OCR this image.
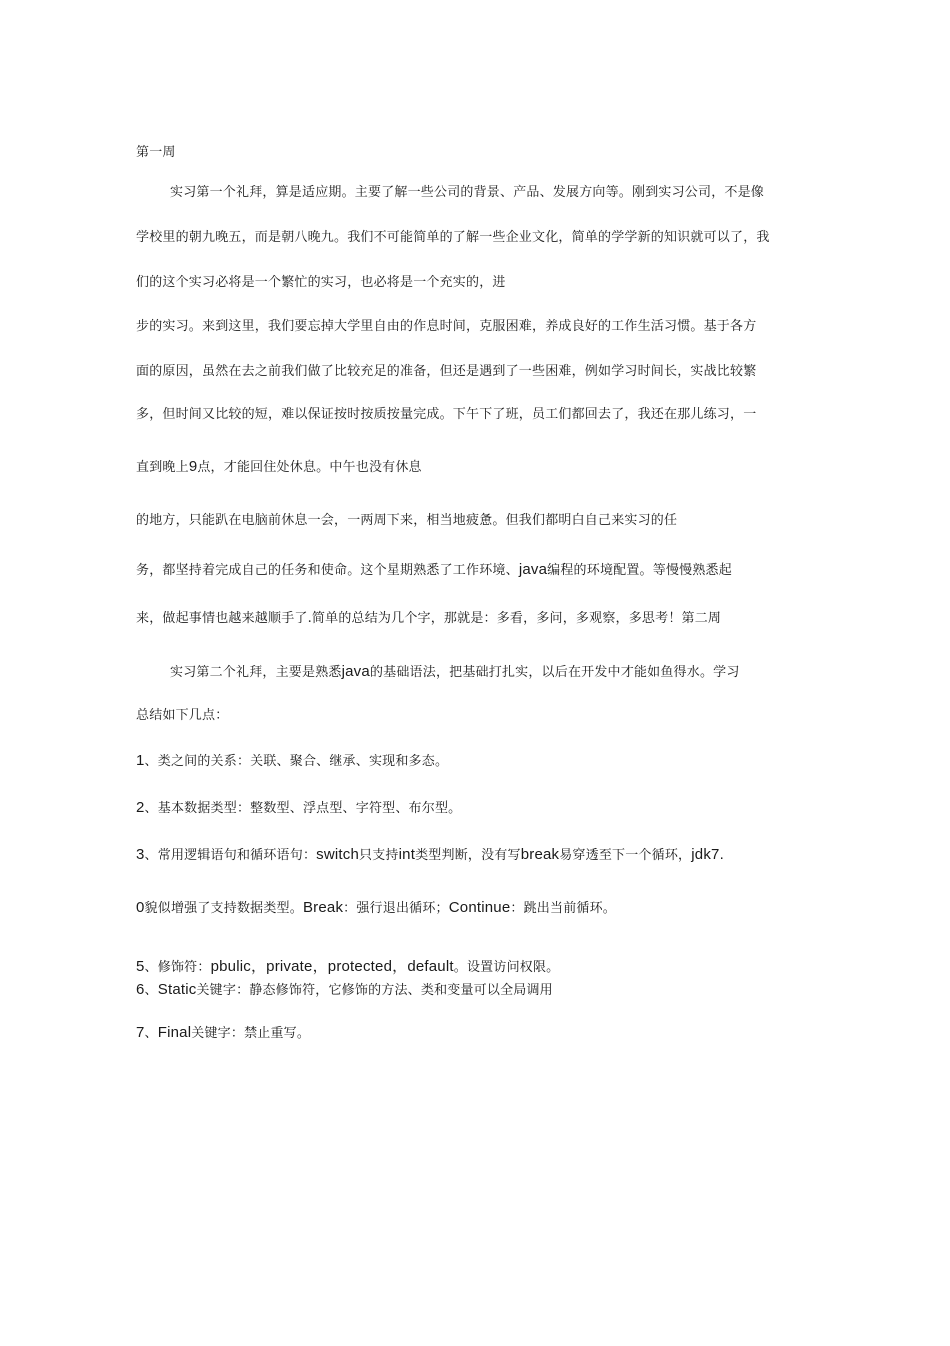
第一周
实习第一个礼拜，算是适应期。主要了解一些公司的背景、产品、发展方向等。刚到实习公司，不是像
学校里的朝九晚五，而是朝八晚九。我们不可能简单的了解一些企业文化，简单的学学新的知识就可以了，我
们的这个实习必将是一个繁忙的实习，也必将是一个充实的，进
步的实习。来到这里，我们要忘掉大学里自由的作息时间，克服困难，养成良好的工作生活习惯。基于各方
面的原因，虽然在去之前我们做了比较充足的准备，但还是遇到了一些困难，例如学习时间长，实战比较繁
多，但时间又比较的短，难以保证按时按质按量完成。下午下了班，员工们都回去了，我还在那儿练习，一
直到晚上9点，才能回住处休息。中午也没有休息
的地方，只能趴在电脑前休息一会，一两周下来，相当地疲惫。但我们都明白自己来实习的任
务，都坚持着完成自己的任务和使命。这个星期熟悉了工作环境、java编程的环境配置。等慢慢熟悉起
来，做起事情也越来越顺手了.简单的总结为几个字，那就是：多看，多问，多观察，多思考！第二周
实习第二个礼拜，主要是熟悉java的基础语法，把基础打扎实，以后在开发中才能如鱼得水。学习
总结如下几点：
1、类之间的关系：关联、聚合、继承、实现和多态。
2、基本数据类型：整数型、浮点型、字符型、布尔型。
3、常用逻辑语句和循环语句：switch只支持int类型判断，没有写break易穿透至下一个循环，jdk7.
0貌似增强了支持数据类型。Break：强行退出循环；Continue：跳出当前循环。
5、修饰符：pbulic，private，protected，default。设置访问权限。
6、Static关键字：静态修饰符，它修饰的方法、类和变量可以全局调用
7、Final关键字：禁止重写。
